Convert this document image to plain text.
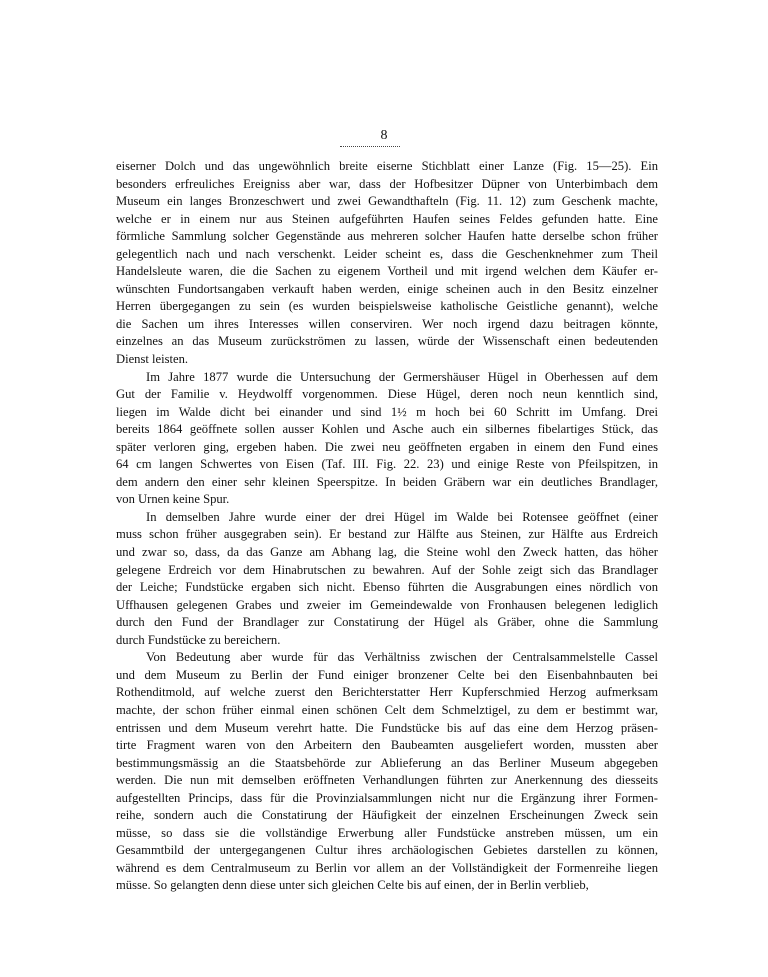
8

eiserner Dolch und das ungewöhnlich breite eiserne Stichblatt einer Lanze (Fig. 15—25). Ein
besonders erfreuliches Ereigniss aber war, dass der Hofbesitzer Düpner von Unterbimbach dem
Museum ein langes Bronzeschwert und zwei Gewandthafteln (Fig. 11. 12) zum Geschenk machte,
welche er in einem nur aus Steinen aufgeführten Haufen seines Feldes gefunden hatte. Eine
förmliche Sammlung solcher Gegenstände aus mehreren solcher Haufen hatte derselbe schon früher
gelegentlich nach und nach verschenkt. Leider scheint es, dass die Geschenknehmer zum Theil
Handelsleute waren, die die Sachen zu eigenem Vortheil und mit irgend welchen dem Käufer er-
wünschten Fundortsangaben verkauft haben werden, einige scheinen auch in den Besitz einzelner
Herren übergegangen zu sein (es wurden beispielsweise katholische Geistliche genannt), welche
die Sachen um ihres Interesses willen conserviren. Wer noch irgend dazu beitragen könnte,
einzelnes an das Museum zurückströmen zu lassen, würde der Wissenschaft einen bedeutenden
Dienst leisten.

Im Jahre 1877 wurde die Untersuchung der Germershäuser Hügel in Oberhessen auf dem
Gut der Familie v. Heydwolff vorgenommen. Diese Hügel, deren noch neun kenntlich sind,
liegen im Walde dicht bei einander und sind 1½ m hoch bei 60 Schritt im Umfang. Drei
bereits 1864 geöffnete sollen ausser Kohlen und Asche auch ein silbernes fibelartiges Stück, das
später verloren ging, ergeben haben. Die zwei neu geöffneten ergaben in einem den Fund eines
64 cm langen Schwertes von Eisen (Taf. III. Fig. 22. 23) und einige Reste von Pfeilspitzen, in
dem andern den einer sehr kleinen Speerspitze. In beiden Gräbern war ein deutliches Brandlager,
von Urnen keine Spur.

In demselben Jahre wurde einer der drei Hügel im Walde bei Rotensee geöffnet (einer
muss schon früher ausgegraben sein). Er bestand zur Hälfte aus Steinen, zur Hälfte aus Erdreich
und zwar so, dass, da das Ganze am Abhang lag, die Steine wohl den Zweck hatten, das höher
gelegene Erdreich vor dem Hinabrutschen zu bewahren. Auf der Sohle zeigt sich das Brandlager
der Leiche; Fundstücke ergaben sich nicht. Ebenso führten die Ausgrabungen eines nördlich von
Uffhausen gelegenen Grabes und zweier im Gemeindewalde von Fronhausen belegenen lediglich
durch den Fund der Brandlager zur Constatirung der Hügel als Gräber, ohne die Sammlung
durch Fundstücke zu bereichern.

Von Bedeutung aber wurde für das Verhältniss zwischen der Centralsammelstelle Cassel
und dem Museum zu Berlin der Fund einiger bronzener Celte bei den Eisenbahnbauten bei
Rothenditmold, auf welche zuerst den Berichterstatter Herr Kupferschmied Herzog aufmerksam
machte, der schon früher einmal einen schönen Celt dem Schmelztigel, zu dem er bestimmt war,
entrissen und dem Museum verehrt hatte. Die Fundstücke bis auf das eine dem Herzog präsen-
tirte Fragment waren von den Arbeitern den Baubeamten ausgeliefert worden, mussten aber
bestimmungsmässig an die Staatsbehörde zur Ablieferung an das Berliner Museum abgegeben
werden. Die nun mit demselben eröffneten Verhandlungen führten zur Anerkennung des diesseits
aufgestellten Princips, dass für die Provinzialsammlungen nicht nur die Ergänzung ihrer Formen-
reihe, sondern auch die Constatirung der Häufigkeit der einzelnen Erscheinungen Zweck sein
müsse, so dass sie die vollständige Erwerbung aller Fundstücke anstreben müssen, um ein
Gesammtbild der untergegangenen Cultur ihres archäologischen Gebietes darstellen zu können,
während es dem Centralmuseum zu Berlin vor allem an der Vollständigkeit der Formenreihe liegen
müsse. So gelangten denn diese unter sich gleichen Celte bis auf einen, der in Berlin verblieb,
